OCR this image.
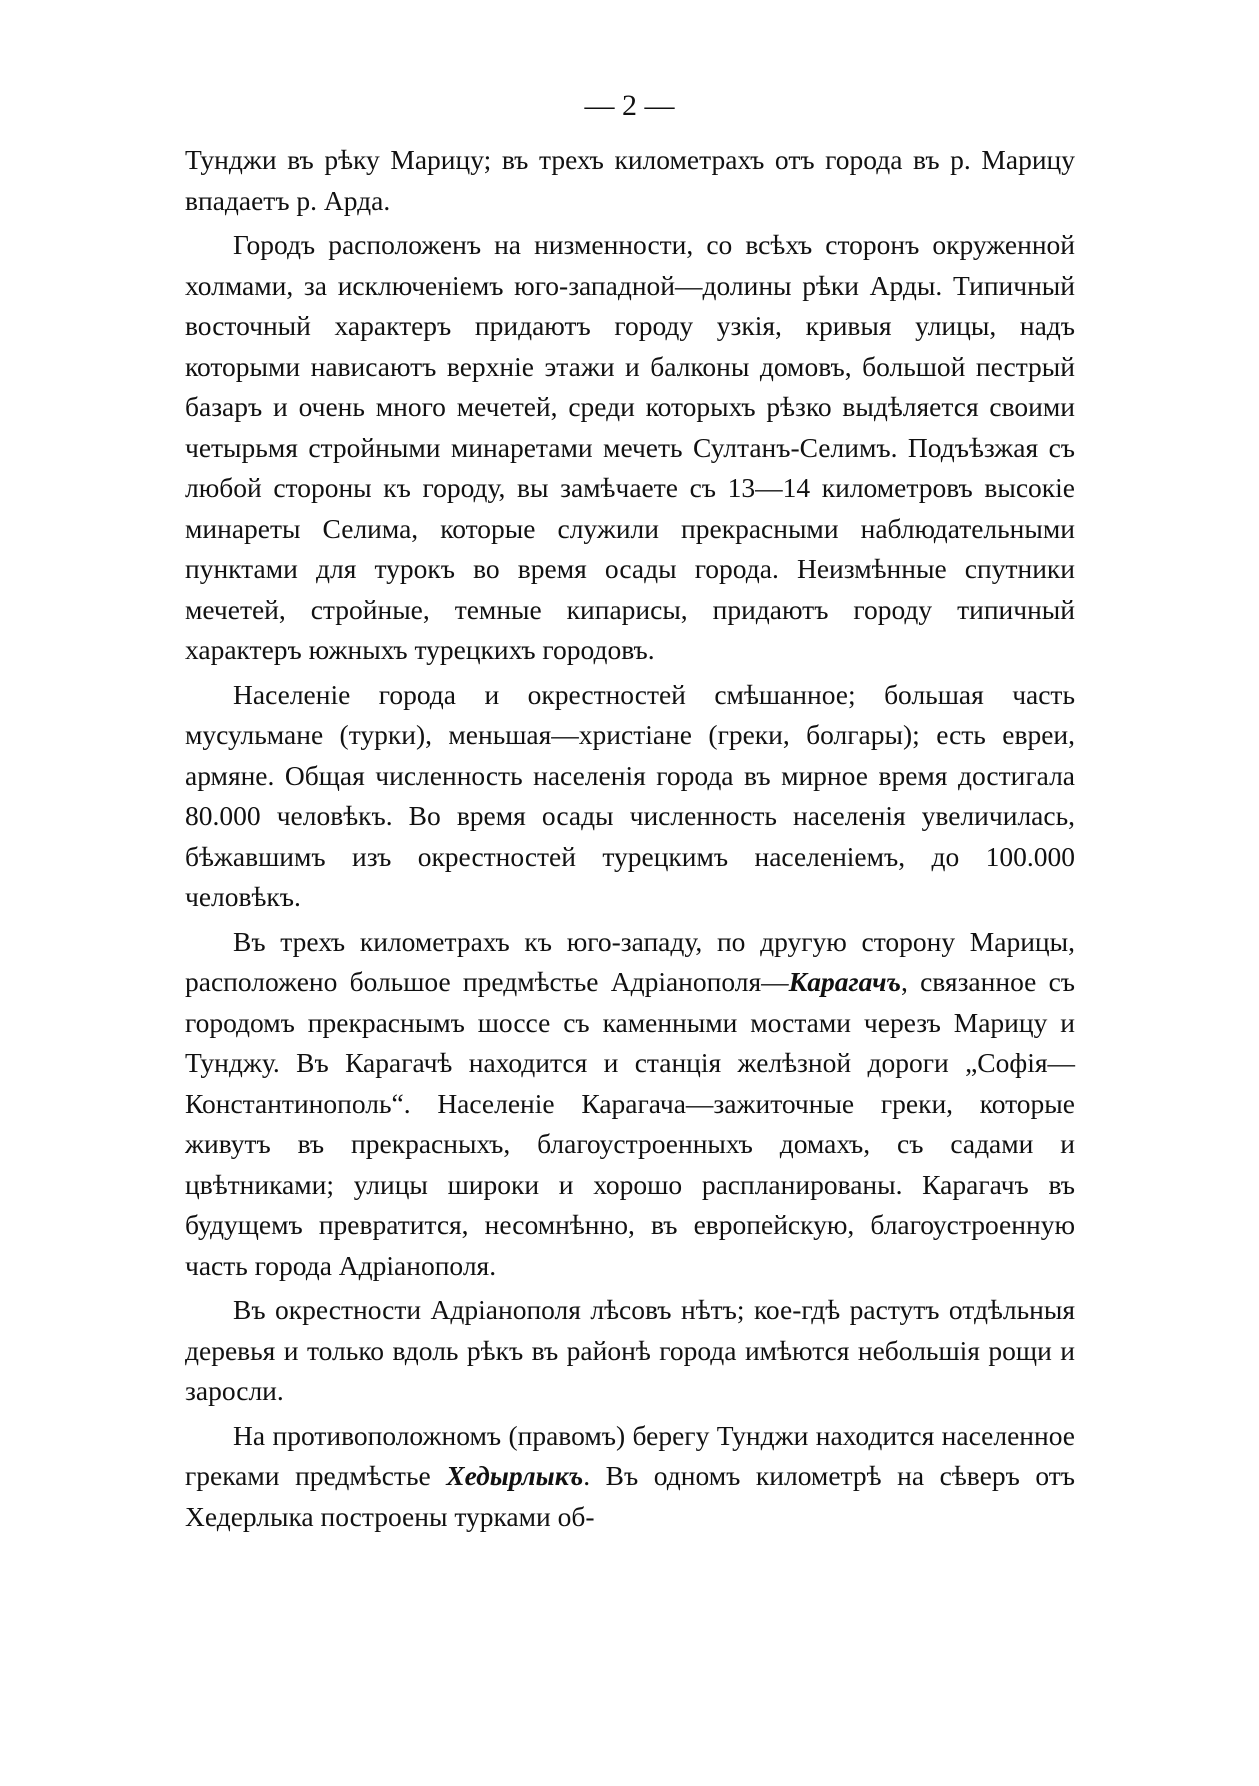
— 2 —

Тунджи въ рѣку Марицу; въ трехъ километрахъ отъ города въ р. Марицу впадаетъ р. Арда.

Городъ расположенъ на низменности, со всѣхъ сторонъ окруженной холмами, за исключеніемъ юго-западной—долины рѣки Арды. Типичный восточный характеръ придаютъ городу узкія, кривыя улицы, надъ которыми нависаютъ верхніе этажи и балконы домовъ, большой пестрый базаръ и очень много мечетей, среди которыхъ рѣзко выдѣляется своими четырьмя стройными минаретами мечеть Султанъ-Селимъ. Подъѣзжая съ любой стороны къ городу, вы замѣчаете съ 13—14 километровъ высокіе минареты Селима, которые служили прекрасными наблюдательными пунктами для турокъ во время осады города. Неизмѣнные спутники мечетей, стройные, темные кипарисы, придаютъ городу типичный характеръ южныхъ турецкихъ городовъ.

Населеніе города и окрестностей смѣшанное; большая часть мусульмане (турки), меньшая—христіане (греки, болгары); есть евреи, армяне. Общая численность населенія города въ мирное время достигала 80.000 человѣкъ. Во время осады численность населенія увеличилась, бѣжавшимъ изъ окрестностей турецкимъ населеніемъ, до 100.000 человѣкъ.

Въ трехъ километрахъ къ юго-западу, по другую сторону Марицы, расположено большое предмѣстье Адріанополя—Карагачъ, связанное съ городомъ прекраснымъ шоссе съ каменными мостами черезъ Марицу и Тунджу. Въ Карагачѣ находится и станція желѣзной дороги „Софія—Константинополь“. Населеніе Карагача—зажиточные греки, которые живутъ въ прекрасныхъ, благоустроенныхъ домахъ, съ садами и цвѣтниками; улицы широки и хорошо распланированы. Карагачъ въ будущемъ превратится, несомнѣнно, въ европейскую, благоустроенную часть города Адріанополя.

Въ окрестности Адріанополя лѣсовъ нѣтъ; кое-гдѣ растутъ отдѣльныя деревья и только вдоль рѣкъ въ районѣ города имѣются небольшія рощи и заросли.

На противоположномъ (правомъ) берегу Тунджи находится населенное греками предмѣстье Хедырлыкъ. Въ одномъ километрѣ на сѣверъ отъ Хедерлыка построены турками об-
